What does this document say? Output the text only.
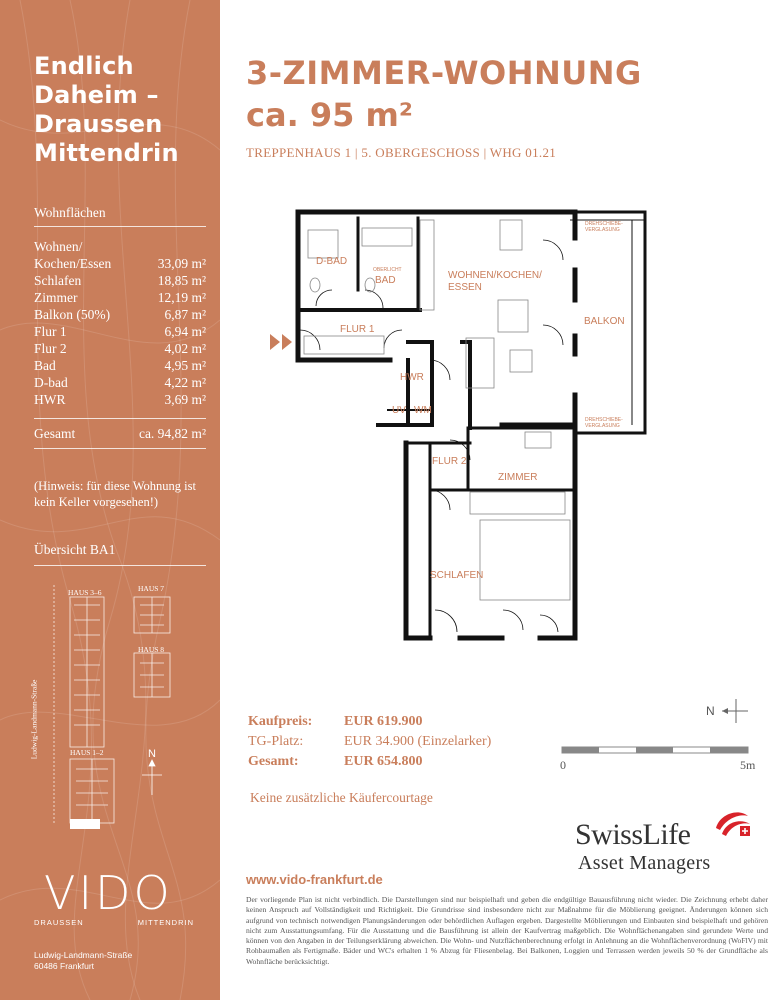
Endlich
Daheim –
Draussen
Mittendrin
Wohnflächen
Wohnen/
Kochen/Essen	33,09 m²
Schlafen	18,85 m²
Zimmer	12,19 m²
Balkon (50%)	6,87 m²
Flur 1	6,94 m²
Flur 2	4,02 m²
Bad	4,95 m²
D-bad	4,22 m²
HWR	3,69 m²
Gesamt	ca. 94,82 m²
(Hinweis: für diese Wohnung ist kein Keller vorgesehen!)
Übersicht BA1
HAUS 3–6	HAUS 7
HAUS 8
HAUS 1–2	N
Ludwig-Landmann-Straße
VIDO
DRAUSSEN	MITTENDRIN
Ludwig-Landmann-Straße
60486 Frankfurt
3-ZIMMER-WOHNUNG
ca. 95 m²
TREPPENHAUS 1 | 5. OBERGESCHOSS | WHG 01.21
D-BAD
BAD
OBERLICHT	WOHNEN/KOCHEN/
ESSEN
BALKON
DREHSCHIEBE-
VERGLASUNG
DREHSCHIEBE-
VERGLASUNG
FLUR 1
HWR
UV WM
FLUR 2
ZIMMER
SCHLAFEN
Kaufpreis:	EUR 619.900
TG-Platz:	EUR 34.900 (Einzelarker)
Gesamt:	EUR 654.800
Keine zusätzliche Käufercourtage
N
0	5m
SwissLife
Asset Managers
www.vido-frankfurt.de
Der vorliegende Plan ist nicht verbindlich. Die Darstellungen sind nur beispielhaft und geben die endgültige Bauausführung nicht wieder. Die Zeichnung erhebt daher keinen Anspruch auf Vollständigkeit und Richtigkeit. Die Grundrisse sind insbesondere nicht zur Maßnahme für die Möblierung geeignet. Änderungen können sich aufgrund von technisch notwendigen Planungsänderungen oder behördlichen Auflagen ergeben. Dargestellte Möblierungen und Einbauten sind beispielhaft und gehören nicht zum Ausstattungsumfang. Für die Ausstattung und die Bausführung ist allein der Kaufvertrag maßgeblich. Die Wohnflächenangaben sind gerundete Werte und können von den Angaben in der Teilungserklärung abweichen. Die Wohn- und Nutzflächenberechnung erfolgt in Anlehnung an die Wohnflächenverordnung (WoFlV) mit Rohbaumaßen als Fertigmaße. Bäder und WC's erhalten 1 % Abzug für Fliesenbelag. Bei Balkonen, Loggien und Terrassen werden jeweils 50 % der Grundfläche als Wohnfläche berücksichtigt.
